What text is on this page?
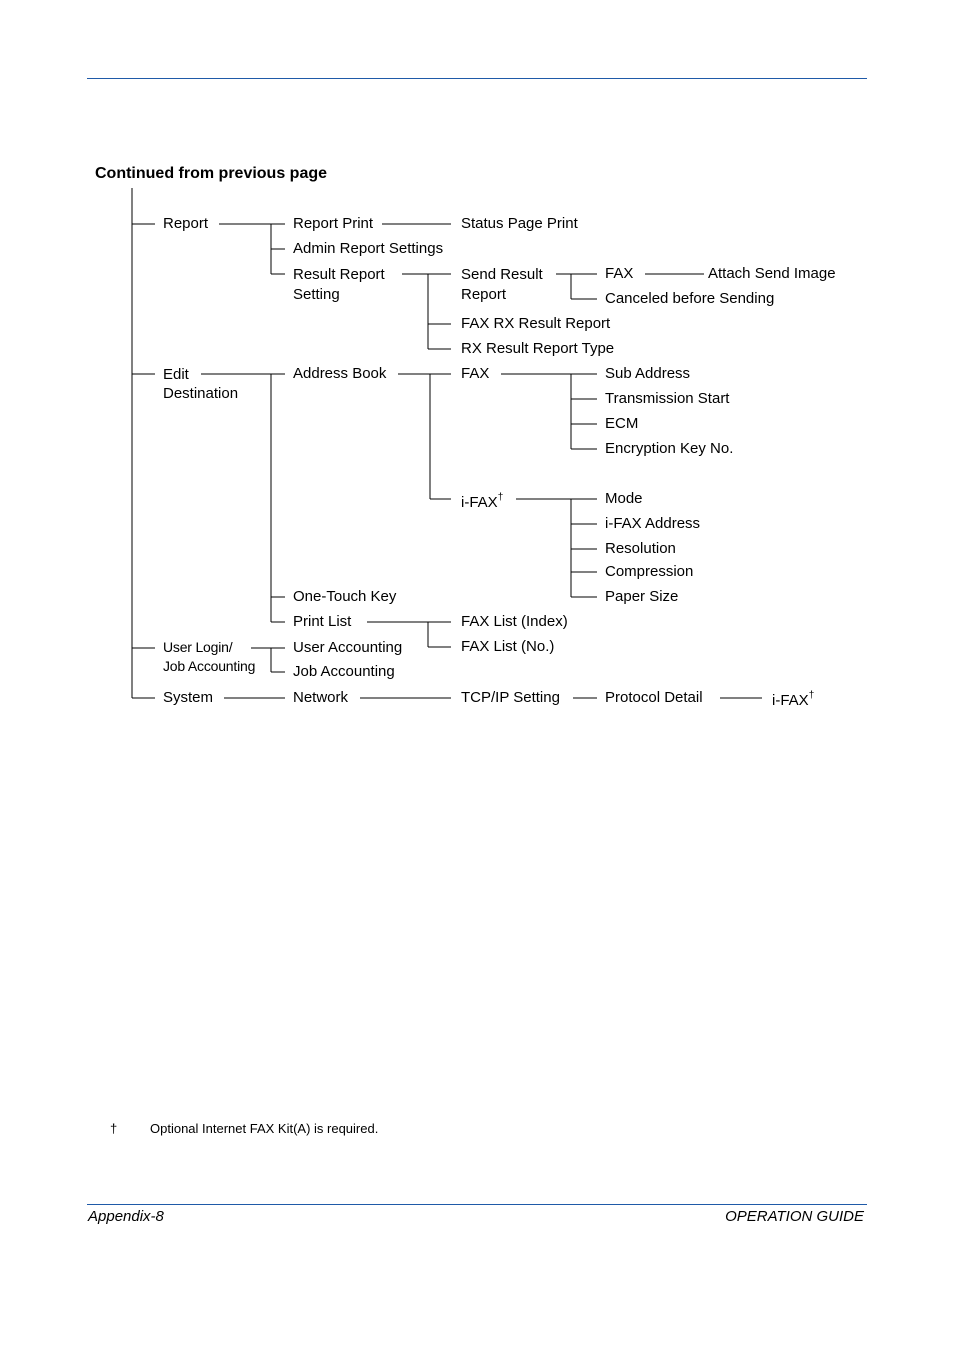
Continued from previous page
Report
Edit
Destination
User Login/
Job Accounting
System
Report Print
Admin Report Settings
Result Report
Setting
Address Book
One-Touch Key
Print List
User Accounting
Job Accounting
Network
Status Page Print
Send Result
Report
FAX RX Result Report
RX Result Report Type
FAX
i-FAX†
FAX List (Index)
FAX List (No.)
TCP/IP Setting
FAX
Canceled before Sending
Sub Address
Transmission Start
ECM
Encryption Key No.
Mode
i-FAX Address
Resolution
Compression
Paper Size
Protocol Detail
Attach Send Image
i-FAX†
†	Optional Internet FAX Kit(A) is required.
Appendix-8	OPERATION GUIDE
